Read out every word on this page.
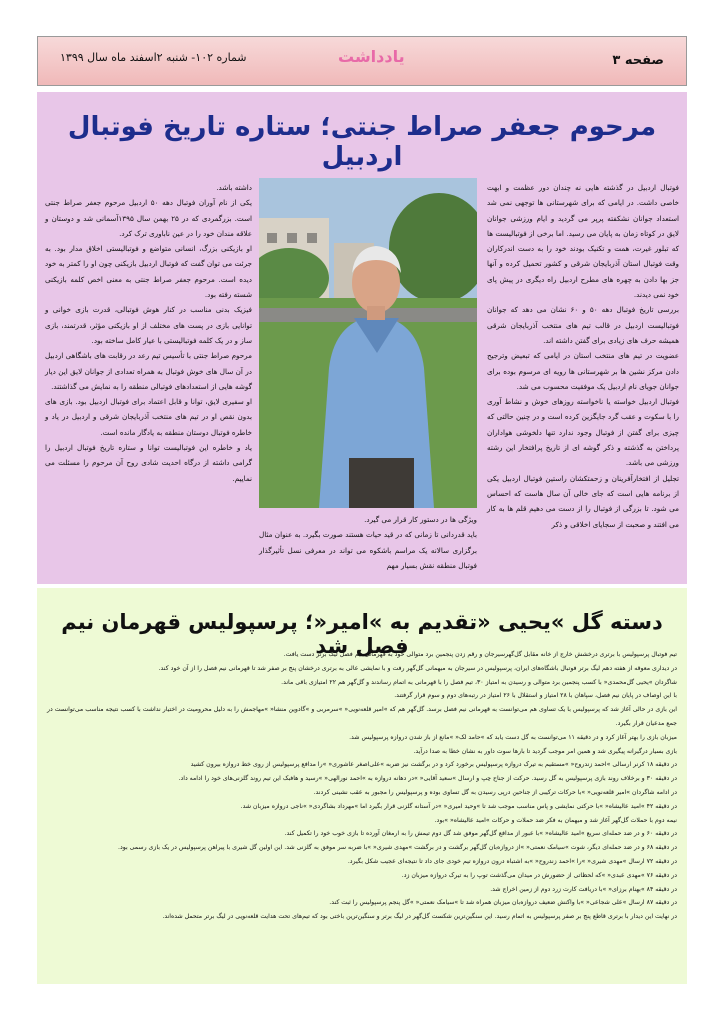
صفحه ۳
یادداشت
شماره ۱۰۲- شنبه ۲اسفند ماه سال ۱۳۹۹
مرحوم جعفر صراط جنتی؛ ستاره تاریخ فوتبال اردبیل

فوتبال اردبیل در گذشته هایی نه چندان دور عظمت و ابهت خاصی داشت. در ایامی که برای شهرستانی ها توجهی نمی شد استعداد جوانان نشکفته پرپر می گردید و ایام ورزشی جوانان لایق در کوتاه زمان به پایان می رسید. اما برخی از فوتبالیست ها که تبلور غیرت، همت و تکنیک بودند خود را به دست اندرکاران وقت فوتبال استان آذربایجان شرقی و کشور تحمیل کرده و آنها جز بها دادن به چهره های مطرح اردبیل راه دیگری در پیش پای خود نمی دیدند.

بررسی تاریخ فوتبال دهه ۵۰ و ۶۰ نشان می دهد که جوانان فوتبالیست اردبیل در قالب تیم های منتخب آذربایجان شرقی همیشه حرف های زیادی برای گفتن داشته اند.

عضویت در تیم های منتخب استان در ایامی که تبعیض وترجیح دادن مرکز نشین ها بر شهرستانی ها رویه ای مرسوم بوده برای جوانان جویای نام اردبیل یک موفقیت محسوب می شد.

فوتبال اردبیل خواسته یا ناخواسته روزهای خوش و نشاط آوری را با سکوت و عقب گرد جایگزین کرده است و در چنین حالتی که چیزی برای گفتن از فوتبال وجود ندارد تنها دلخوشی هواداران پرداختن به گذشته و ذکر گوشه ای از تاریخ پرافتخار این رشته ورزشی می باشد.

تجلیل از افتخارآفرینان و زحمتکشان راستین فوتبال اردبیل یکی از برنامه هایی است که جای خالی آن سال هاست که احساس می شود. تا بزرگی از فوتبال را از دست می دهیم قلم ها به کار می افتند و صحبت از سجایای اخلاقی و ذکر

ویژگی ها در دستور کار قرار می گیرد.

باید قدردانی تا زمانی که در قید حیات هستند صورت بگیرد. به عنوان مثال برگزاری سالانه یک مراسم باشکوه می تواند در معرفی نسل تأثیرگذار فوتبال منطقه نقش بسیار مهم

داشته باشد.

یکی از نام آوران فوتبال دهه ۵۰ اردبیل مرحوم جعفر صراط جنتی است. بزرگمردی که در ۲۵ بهمن سال ۱۳۹۵آسمانی شد و دوستان و علاقه مندان خود را در عین ناباوری ترک کرد.

او بازیکنی بزرگ، انسانی متواضع و فوتبالیستی اخلاق مدار بود. به جرئت می توان گفت که فوتبال اردبیل بازیکنی چون او را کمتر به خود دیده است. مرحوم جعفر صراط جنتی به معنی اخص کلمه بازیکنی شسته رفته بود.

فیزیک بدنی مناسب در کنار هوش فوتبالی، قدرت بازی خوانی و توانایی بازی در پست های مختلف از او بازیکنی مؤثر، قدرتمند، بازی ساز و در یک کلمه فوتبالیستی با عیار کامل ساخته بود.

مرحوم صراط جنتی با تأسیس تیم رعد در رقابت های باشگاهی اردبیل در آن سال های خوش فوتبال به همراه تعدادی از جوانان لایق این دیار گوشه هایی از استعدادهای فوتبالی منطقه را به نمایش می گذاشتند.

او سفیری لایق، توانا و قابل اعتماد برای فوتبال اردبیل بود. بازی های بدون نقص او در تیم های منتخب آذربایجان شرقی و اردبیل در یاد و خاطره فوتبال دوستان منطقه به یادگار مانده است.

یاد و خاطره این فوتبالیست توانا و ستاره تاریخ فوتبال اردبیل را گرامی داشته از درگاه احدیت شادی روح آن مرحوم را مسئلت می نماییم.

دسته گل »یحیی «تقدیم به »امیر«؛ پرسپولیس قهرمان نیم فصل شد

تیم فوتبال پرسپولیس با برتری درخشش خارج از خانه مقابل گل‌گهرسیرجان و رقم زدن پنجمین برد متوالی خود به قهرمانی نیم فصل لیگ برتر دست یافت.

در دیداری معوقه از هفته دهم لیگ برتر فوتبال باشگاه‌های ایران، پرسپولیس در سیرجان به میهمانی گل‌گهر رفت و با نمایشی عالی به برتری درخشان پنج بر صفر شد تا قهرمانی نیم فصل را از آن خود کند.

شاگردان »یحیی گل‌محمدی« با کسب پنجمین برد متوالی و رسیدن به امتیاز ۳۰، تیم فصل را با قهرمانی به اتمام رساندند و گل‌گهر هم ۲۲ امتیازی باقی ماند.

با این اوصاف در پایان نیم فصل، سپاهان با ۲۸ امتیاز و استقلال با ۲۶ امتیاز در رتبه‌های دوم و سوم قرار گرفتند.

این بازی در حالی آغاز شد که پرسپولیس با یک تساوی هم می‌توانست به قهرمانی نیم فصل برسد. گل‌گهر هم که »امیر قلعه‌نویی« »سرمربی و »گادوین منشا« »مهاجمش را به دلیل محرومیت در اختیار نداشت با کسب نتیجه مناسب می‌توانست در جمع مدعیان قرار بگیرد.

میزبان بازی را بهتر آغاز کرد و در دقیقه ۱۱ می‌توانست به گل دست یابد که »حامد لک« »مانع از باز شدن دروازه پرسپولیس شد.

بازی بسیار درگیرانه پیگیری شد و همین امر موجب گردید تا بارها سوت داور به نشان خطا به صدا درآید.

در دقیقه ۱۸ کرنر ارسالی »احمد زندروح« »مستقیم به تیرک دروازه پرسپولیس برخورد کرد و در برگشت نیز ضربه »علی‌اصغر عاشوری« »را مدافع پرسپولیس از روی خط دروازه بیرون کشید

در دقیقه ۳۰ و برخلاف روند بازی پرسپولیس به گل رسید. حرکت از جناح چپ و ارسال »سعید آقایی« »در دهانه دروازه به »احمد نورالهی« »رسید و هافبک این تیم روند گلزنی‌های خود را ادامه داد.

در ادامه شاگردان »امیر قلعه‌نویی« »با حرکات ترکیبی از جناحین درپی رسیدن به گل تساوی بوده و پرسپولیس را مجبور به عقب نشینی کردند.

در دقیقه ۴۲ »امید عالیشاه« »با حرکتی نمایشی و پاس مناسب موجب شد تا »وحید امیری« »در آستانه گلزنی قرار بگیرد اما »مهرداد بشاگردی« »ناجی دروازه میزبان شد.

نیمه دوم با حملات گل‌گهر آغاز شد و میهمان به فکر ضد حملات و حرکات »امید عالیشاه« »بود.

در دقیقه ۶۰ و در ضد حمله‌ای سریع »امید عالیشاه« »با عبور از مدافع گل‌گهر موفق شد گل دوم تیمش را به ارمغان آورده تا بازی خوب خود را تکمیل کند.

در دقیقه ۶۸ و در ضد حمله‌ای دیگر، شوت »سیامک نعمتی« »از دروازه‌بان گل‌گهر برگشت و در برگشت »مهدی شیری« »با ضربه سر موفق به گلزنی شد. این اولین گل شیری با پیراهن پرسپولیس در یک بازی رسمی بود.

در دقیقه ۷۲ ارسال »مهدی شیری« »را »احمد زندروح« »به اشتباه درون دروازه تیم خودی جای داد تا نتیجه‌ای عجیب شکل بگیرد.

در دقیقه ۷۶ »مهدی عبدی« »که لحظاتی از حضورش در میدان می‌گذشت توپ را به تیرک دروازه میزبان زد.

در دقیقه ۸۴ »بهنام برزای« »با دریافت کارت زرد دوم از زمین اخراج شد.

در دقیقه ۸۷ ارسال »علی شجاعی« »با واکنش ضعیف دروازه‌بان میزبان همراه شد تا »سیامک نعمتی« »گل پنجم پرسپولیس را ثبت کند.

در نهایت این دیدار با برتری قاطع پنج بر صفر پرسپولیس به اتمام رسید. این سنگین‌ترین شکست گل‌گهر در لیگ برتر و سنگین‌ترین باختی بود که تیم‌های تحت هدایت قلعه‌نویی در لیگ برتر متحمل شده‌اند.
